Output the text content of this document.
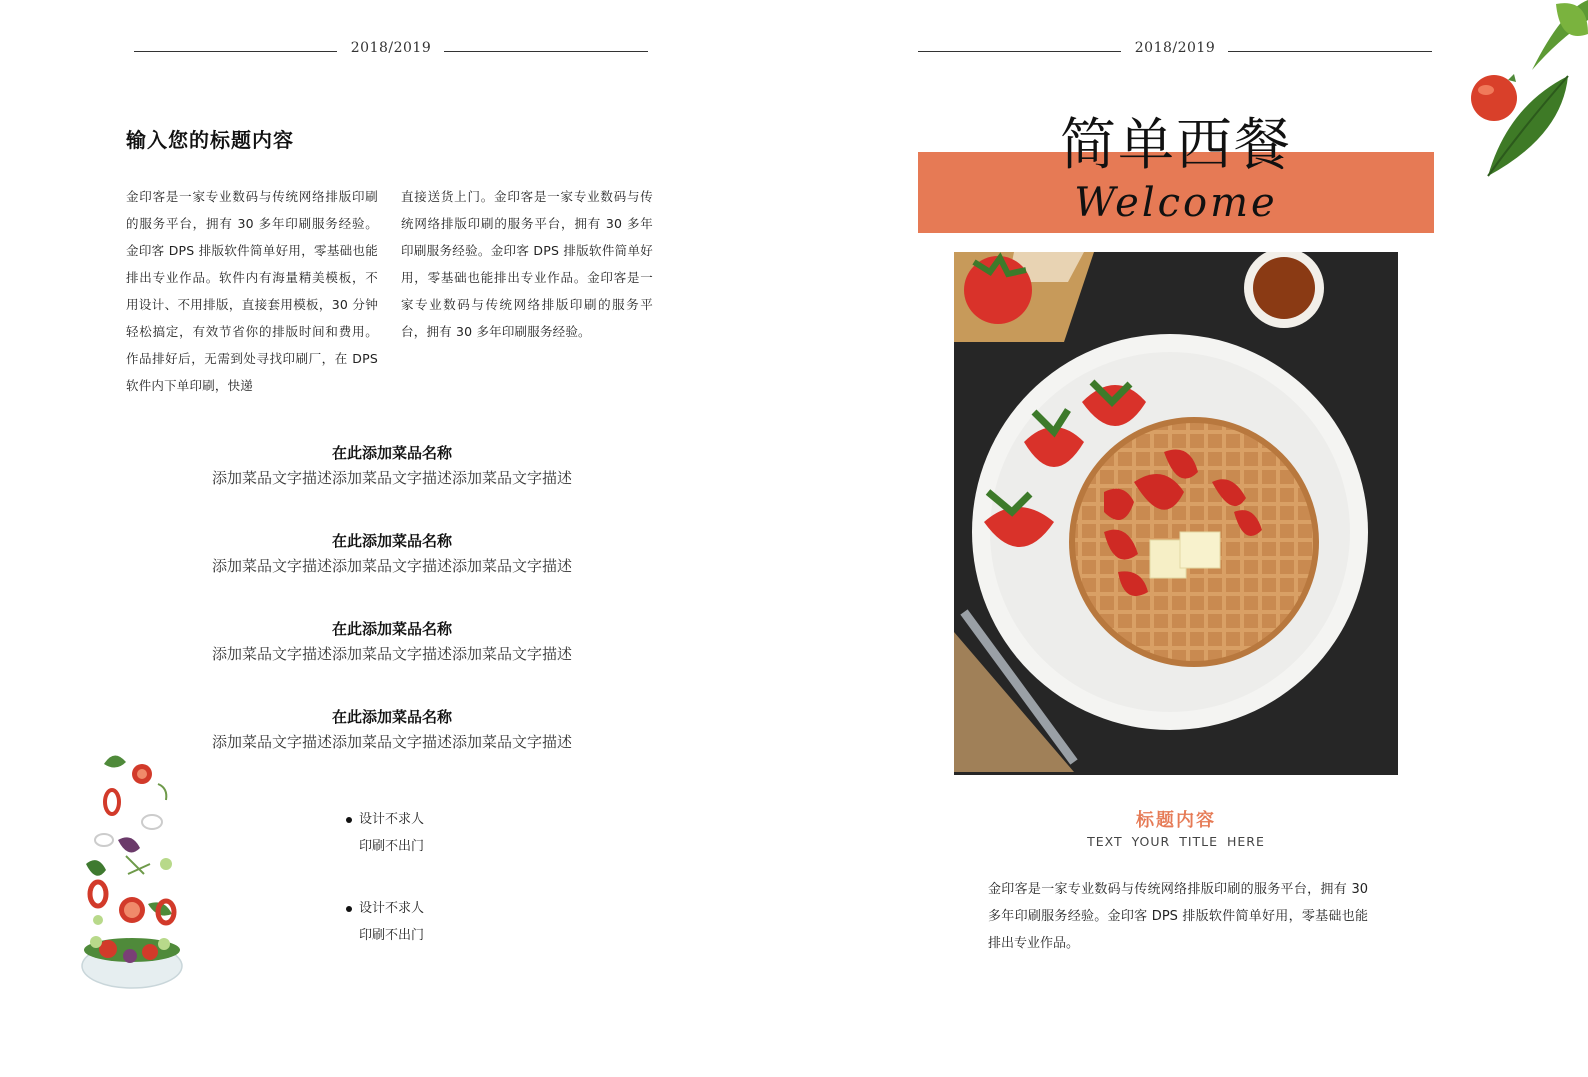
2018/2019
输入您的标题内容
金印客是一家专业数码与传统网络排版印刷的服务平台，拥有 30 多年印刷服务经验。金印客 DPS 排版软件简单好用，零基础也能排出专业作品。软件内有海量精美模板，不用设计、不用排版，直接套用模板，30 分钟轻松搞定，有效节省你的排版时间和费用。作品排好后，无需到处寻找印刷厂，在 DPS 软件内下单印刷，快递
直接送货上门。金印客是一家专业数码与传统网络排版印刷的服务平台，拥有 30 多年印刷服务经验。金印客 DPS 排版软件简单好用，零基础也能排出专业作品。金印客是一家专业数码与传统网络排版印刷的服务平台，拥有 30 多年印刷服务经验。
在此添加菜品名称
添加菜品文字描述添加菜品文字描述添加菜品文字描述
在此添加菜品名称
添加菜品文字描述添加菜品文字描述添加菜品文字描述
在此添加菜品名称
添加菜品文字描述添加菜品文字描述添加菜品文字描述
在此添加菜品名称
添加菜品文字描述添加菜品文字描述添加菜品文字描述
设计不求人
印刷不出门
设计不求人
印刷不出门
2018/2019
简单西餐
Welcome
标题内容
TEXT YOUR TITLE HERE
金印客是一家专业数码与传统网络排版印刷的服务平台，拥有 30 多年印刷服务经验。金印客 DPS 排版软件简单好用，零基础也能排出专业作品。
